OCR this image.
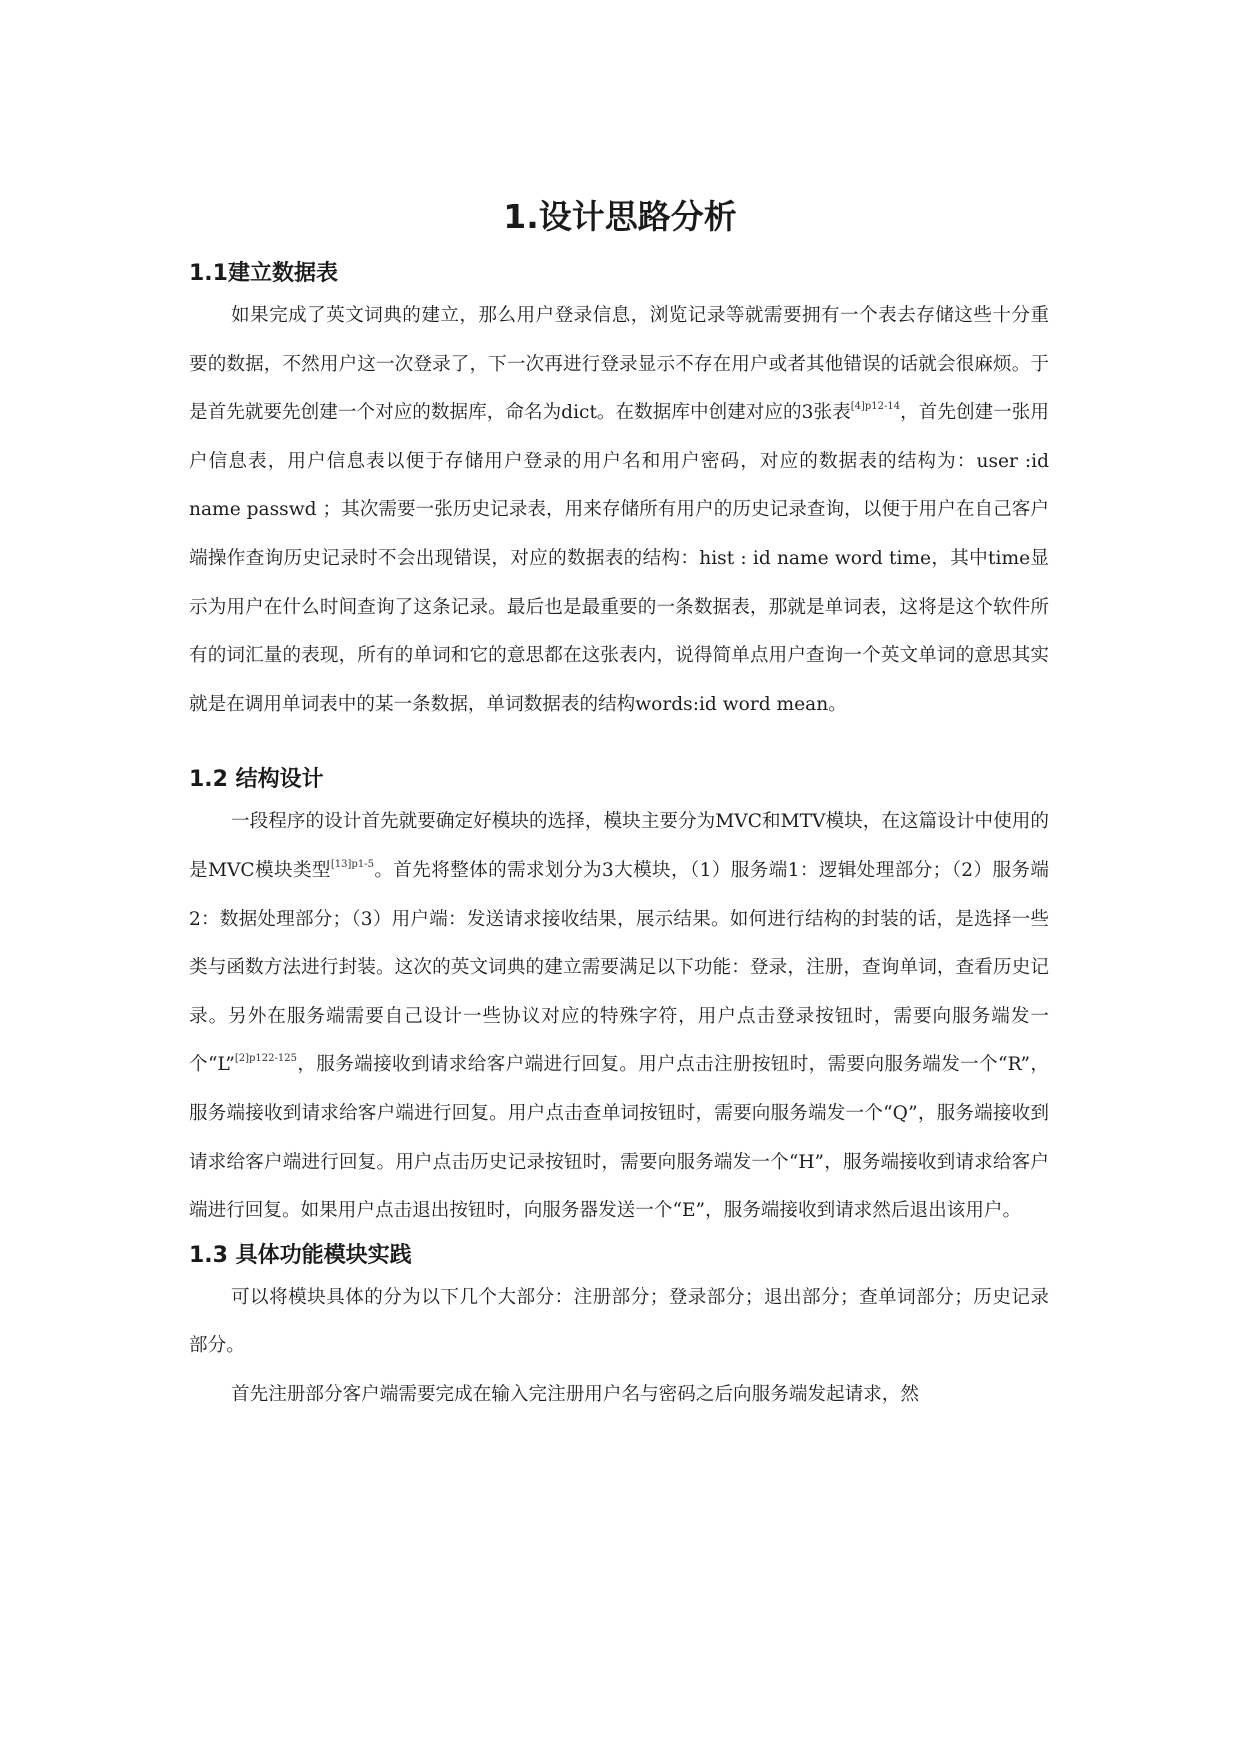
1.设计思路分析
1.1建立数据表

如果完成了英文词典的建立，那么用户登录信息，浏览记录等就需要拥有一个表去存储这些十分重要的数据，不然用户这一次登录了，下一次再进行登录显示不存在用户或者其他错误的话就会很麻烦。于是首先就要先创建一个对应的数据库，命名为dict。在数据库中创建对应的3张表$^{[4]p12-14}$，首先创建一张用户信息表，用户信息表以便于存储用户登录的用户名和用户密码，对应的数据表的结构为：user :id name passwd ；其次需要一张历史记录表，用来存储所有用户的历史记录查询，以便于用户在自己客户端操作查询历史记录时不会出现错误，对应的数据表的结构：hist : id name word time，其中time显示为用户在什么时间查询了这条记录。最后也是最重要的一条数据表，那就是单词表，这将是这个软件所有的词汇量的表现，所有的单词和它的意思都在这张表内，说得简单点用户查询一个英文单词的意思其实就是在调用单词表中的某一条数据，单词数据表的结构words:id word mean。

1.2 结构设计

一段程序的设计首先就要确定好模块的选择，模块主要分为MVC和MTV模块，在这篇设计中使用的是MVC模块类型$^{[13]p1-5}$。首先将整体的需求划分为3大模块，（1）服务端1：逻辑处理部分；（2）服务端2：数据处理部分；（3）用户端：发送请求接收结果，展示结果。如何进行结构的封装的话，是选择一些类与函数方法进行封装。这次的英文词典的建立需要满足以下功能：登录，注册，查询单词，查看历史记录。另外在服务端需要自己设计一些协议对应的特殊字符，用户点击登录按钮时，需要向服务端发一个“L”$^{[2]p122-125}$，服务端接收到请求给客户端进行回复。用户点击注册按钮时，需要向服务端发一个“R”，服务端接收到请求给客户端进行回复。用户点击查单词按钮时，需要向服务端发一个“Q”，服务端接收到请求给客户端进行回复。用户点击历史记录按钮时，需要向服务端发一个“H”，服务端接收到请求给客户端进行回复。如果用户点击退出按钮时，向服务器发送一个“E”，服务端接收到请求然后退出该用户。

1.3 具体功能模块实践

可以将模块具体的分为以下几个大部分：注册部分；登录部分；退出部分；查单词部分；历史记录部分。

首先注册部分客户端需要完成在输入完注册用户名与密码之后向服务端发起请求，然
